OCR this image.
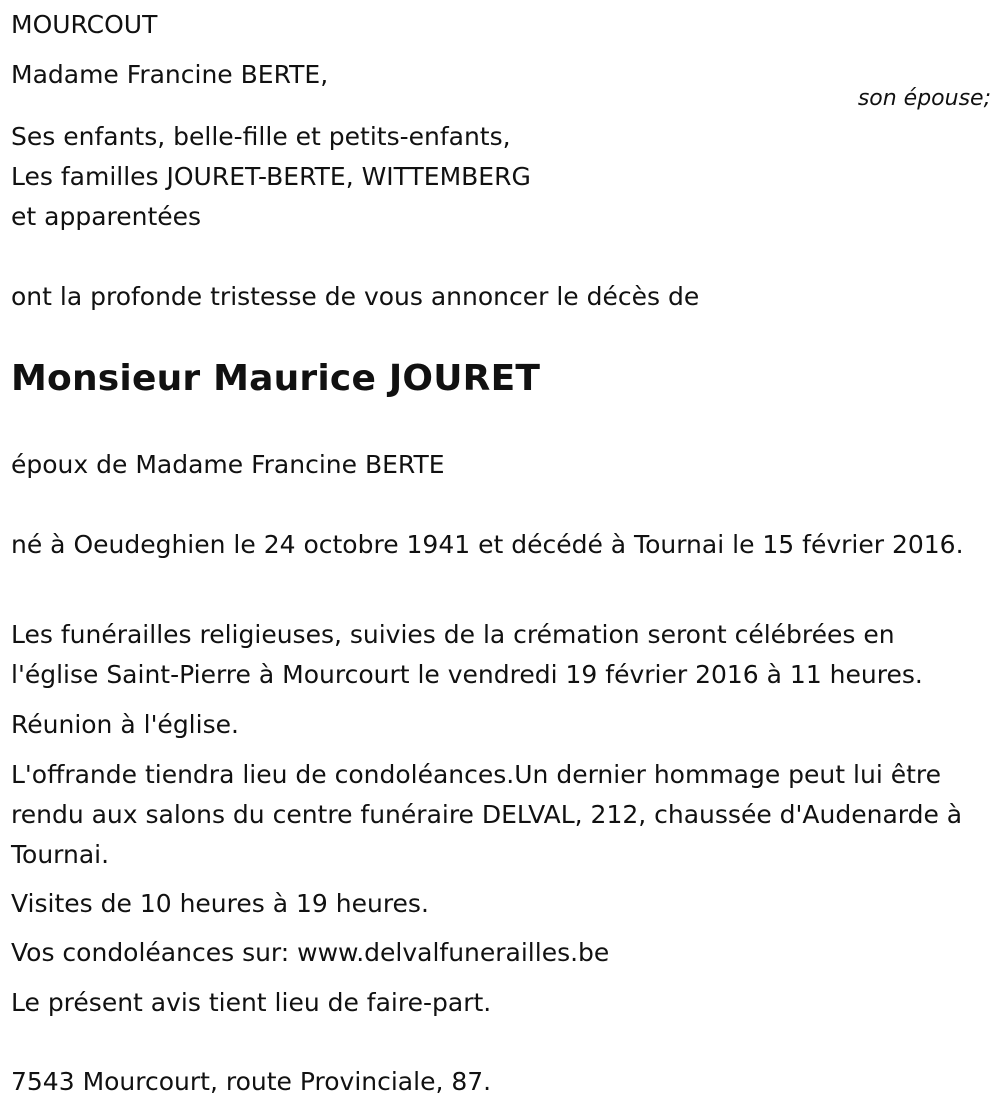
MOURCOUT
Madame Francine BERTE,
son épouse;
Ses enfants, belle-fille et petits-enfants,
Les familles JOURET-BERTE, WITTEMBERG
et apparentées
ont la profonde tristesse de vous annoncer le décès de
Monsieur Maurice JOURET
époux de Madame Francine BERTE
né à Oeudeghien le 24 octobre 1941 et décédé à Tournai le 15 février 2016.
Les funérailles religieuses, suivies de la crémation seront célébrées en l'église Saint-Pierre à Mourcourt le vendredi 19 février 2016 à 11 heures.
Réunion à l'église.
L'offrande tiendra lieu de condoléances.Un dernier hommage peut lui être rendu aux salons du centre funéraire DELVAL, 212, chaussée d'Audenarde à Tournai.
Visites de 10 heures à 19 heures.
Vos condoléances sur: www.delvalfunerailles.be
Le présent avis tient lieu de faire-part.
7543 Mourcourt, route Provinciale, 87.
